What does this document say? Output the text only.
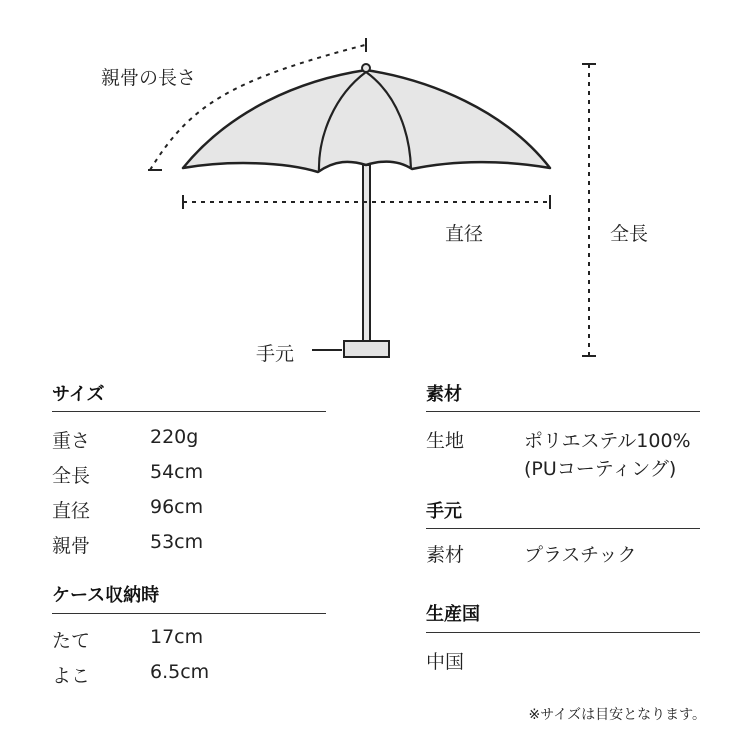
親骨の長さ
直径	全長
手元
サイズ
重さ	220g
全長	54cm
直径	96cm
親骨	53cm
ケース収納時
たて	17cm
よこ	6.5cm
素材
生地	ポリエステル100%
(PUコーティング)
手元
素材	プラスチック
生産国
中国
※サイズは目安となります。
